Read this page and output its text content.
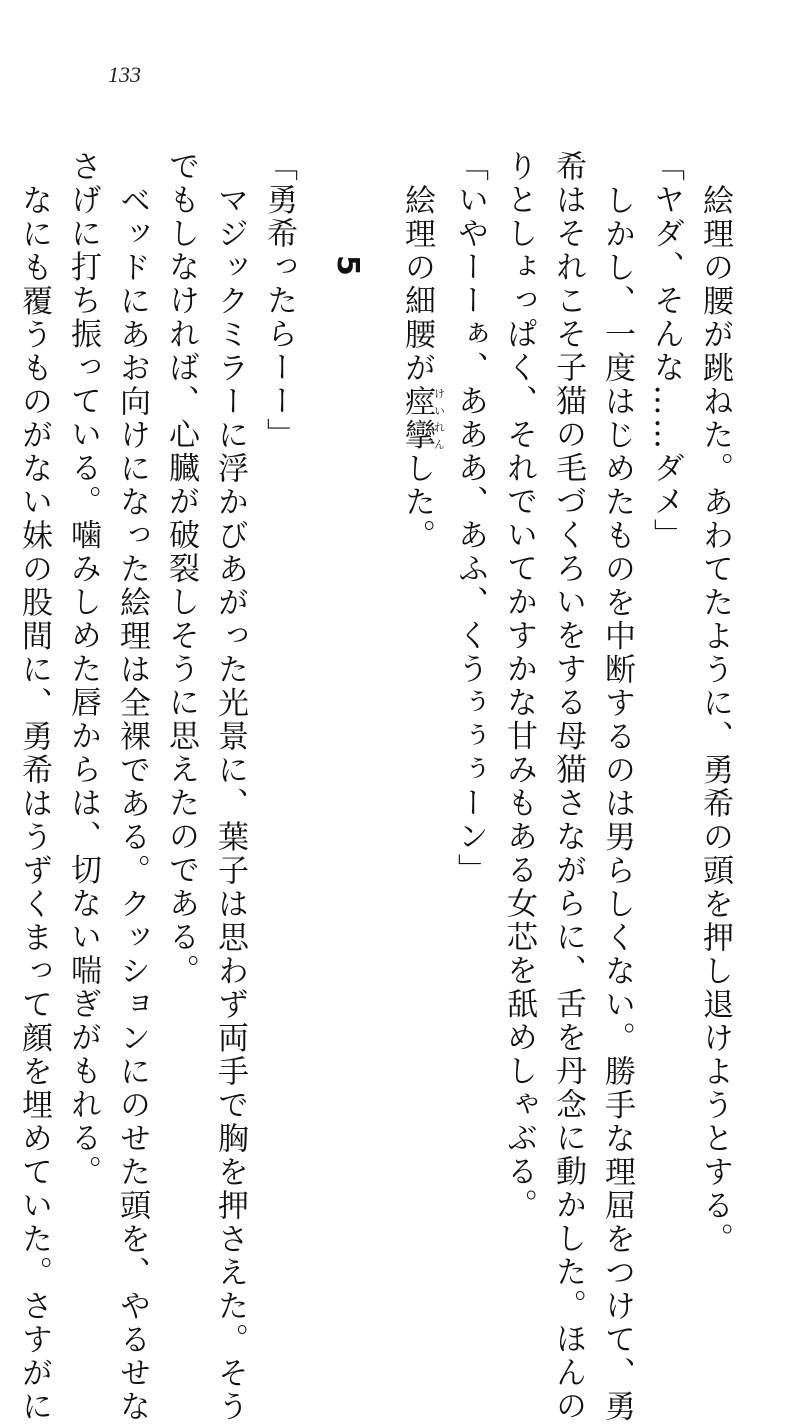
133
絵理の腰が跳ねた。あわてたように、勇希の頭を押し退けようとする。
「ヤダ、そんな……ダメ」
しかし、一度はじめたものを中断するのは男らしくない。勝手な理屈をつけて、勇
希はそれこそ子猫の毛づくろいをする母猫さながらに、舌を丹念に動かした。ほんの
りとしょっぱく、それでいてかすかな甘みもある女芯を舐めしゃぶる。
「いやーーぁ、あああ、あふ、くうぅぅぅーン」
絵理の細腰が痙攣けいれんした。
5
「勇希ったらーー」
マジックミラーに浮かびあがった光景に、葉子は思わず両手で胸を押さえた。そう
でもしなければ、心臓が破裂しそうに思えたのである。
ベッドにあお向けになった絵理は全裸である。クッションにのせた頭を、やるせな
さげに打ち振っている。噛みしめた唇からは、切ない喘ぎがもれる。
なにも覆うものがない妹の股間に、勇希はうずくまって顔を埋めていた。さすがに
